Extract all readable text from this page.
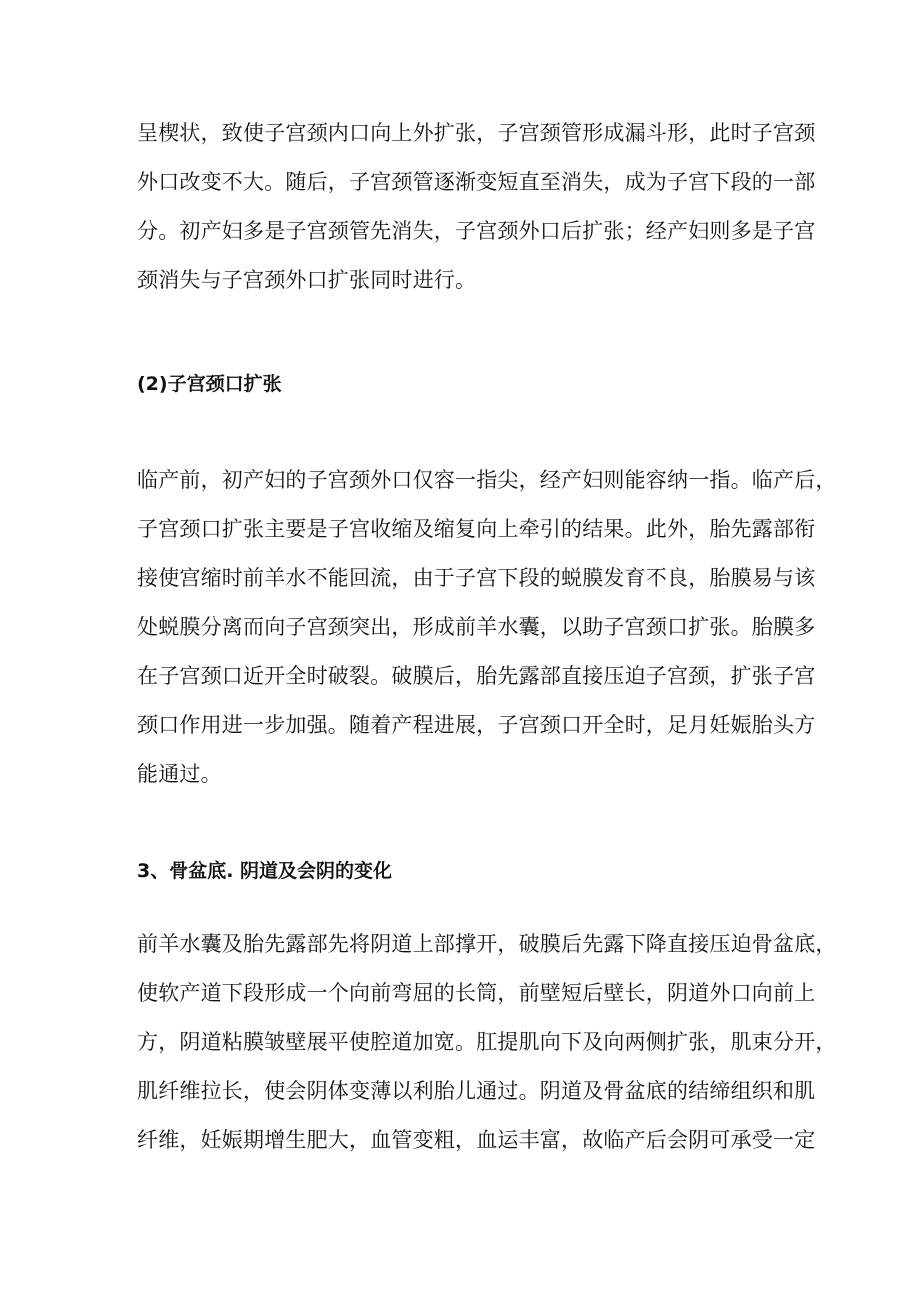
呈楔状，致使子宫颈内口向上外扩张，子宫颈管形成漏斗形，此时子宫颈
外口改变不大。随后，子宫颈管逐渐变短直至消失，成为子宫下段的一部
分。初产妇多是子宫颈管先消失，子宫颈外口后扩张；经产妇则多是子宫
颈消失与子宫颈外口扩张同时进行。
(2)子宫颈口扩张
临产前，初产妇的子宫颈外口仅容一指尖，经产妇则能容纳一指。临产后，
子宫颈口扩张主要是子宫收缩及缩复向上牵引的结果。此外，胎先露部衔
接使宫缩时前羊水不能回流，由于子宫下段的蜕膜发育不良，胎膜易与该
处蜕膜分离而向子宫颈突出，形成前羊水囊，以助子宫颈口扩张。胎膜多
在子宫颈口近开全时破裂。破膜后，胎先露部直接压迫子宫颈，扩张子宫
颈口作用进一步加强。随着产程进展，子宫颈口开全时，足月妊娠胎头方
能通过。
3、骨盆底. 阴道及会阴的变化
前羊水囊及胎先露部先将阴道上部撑开，破膜后先露下降直接压迫骨盆底，
使软产道下段形成一个向前弯屈的长筒，前壁短后壁长，阴道外口向前上
方，阴道粘膜皱壁展平使腔道加宽。肛提肌向下及向两侧扩张，肌束分开，
肌纤维拉长，使会阴体变薄以利胎儿通过。阴道及骨盆底的结缔组织和肌
纤维，妊娠期增生肥大，血管变粗，血运丰富，故临产后会阴可承受一定
